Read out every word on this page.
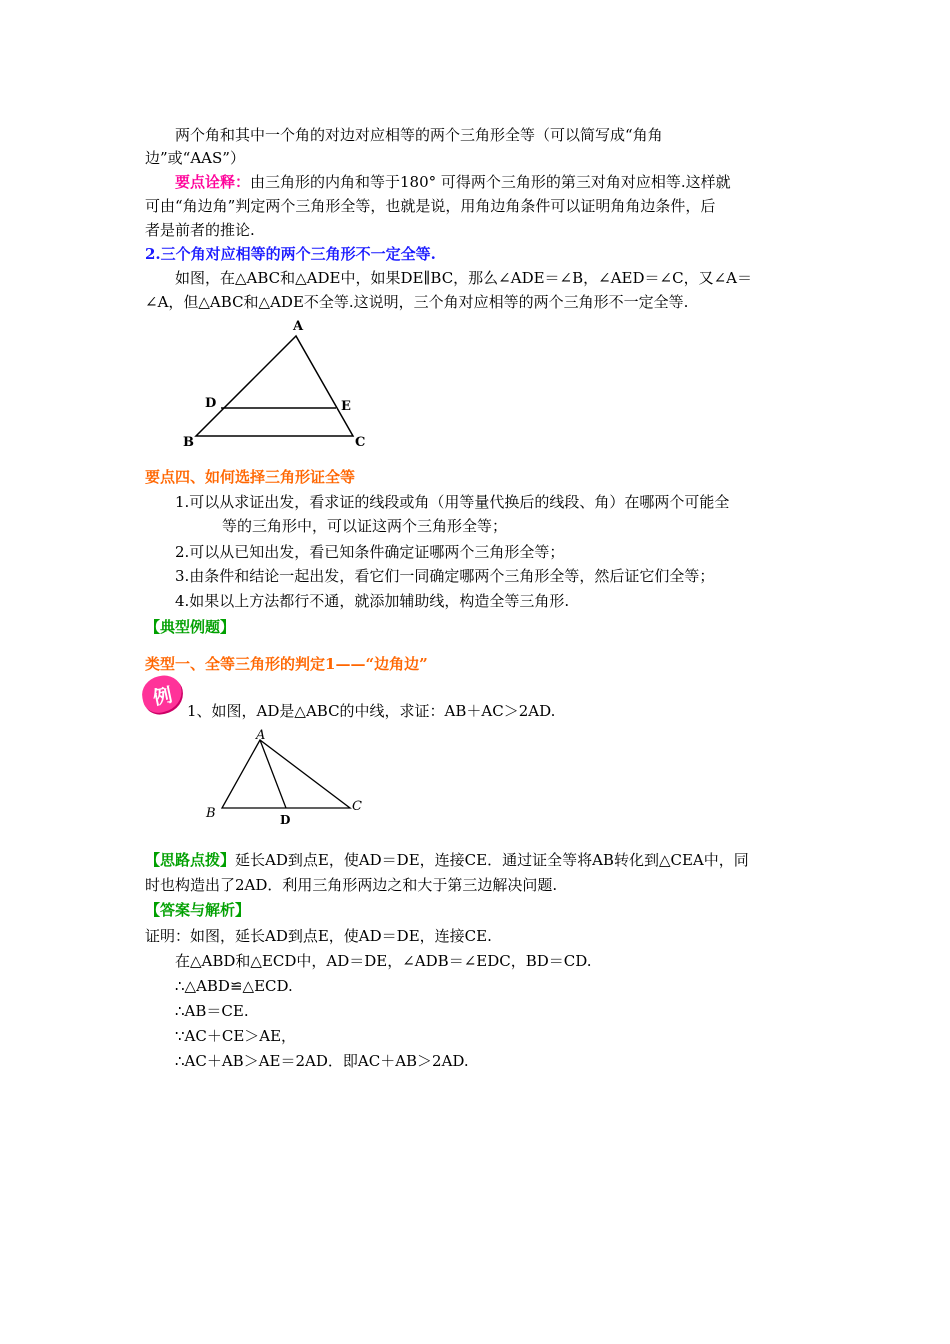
两个角和其中一个角的对边对应相等的两个三角形全等（可以简写成“角角
边”或“AAS”）
要点诠释：由三角形的内角和等于180° 可得两个三角形的第三对角对应相等.这样就
可由“角边角”判定两个三角形全等，也就是说，用角边角条件可以证明角角边条件，后
者是前者的推论.
2.三个角对应相等的两个三角形不一定全等.
如图，在△ABC和△ADE中，如果DE∥BC，那么∠ADE＝∠B，∠AED＝∠C，又∠A＝
∠A，但△ABC和△ADE不全等.这说明，三个角对应相等的两个三角形不一定全等.
A
D	E
B	C
要点四、如何选择三角形证全等
1.可以从求证出发，看求证的线段或角（用等量代换后的线段、角）在哪两个可能全
等的三角形中，可以证这两个三角形全等；
2.可以从已知出发，看已知条件确定证哪两个三角形全等；
3.由条件和结论一起出发，看它们一同确定哪两个三角形全等，然后证它们全等；
4.如果以上方法都行不通，就添加辅助线，构造全等三角形.
【典型例题】
类型一、全等三角形的判定1——“边角边”
例
1、如图，AD是△ABC的中线，求证：AB＋AC＞2AD.
A
B	C
D
【思路点拨】延长AD到点E，使AD＝DE，连接CE．通过证全等将AB转化到△CEA中，同
时也构造出了2AD．利用三角形两边之和大于第三边解决问题.
【答案与解析】
证明：如图，延长AD到点E，使AD＝DE，连接CE.
在△ABD和△ECD中，AD＝DE，∠ADB＝∠EDC，BD＝CD.
∴△ABD≌△ECD.
∴AB＝CE.
∵AC＋CE＞AE，
∴AC＋AB＞AE＝2AD．即AC＋AB＞2AD.
